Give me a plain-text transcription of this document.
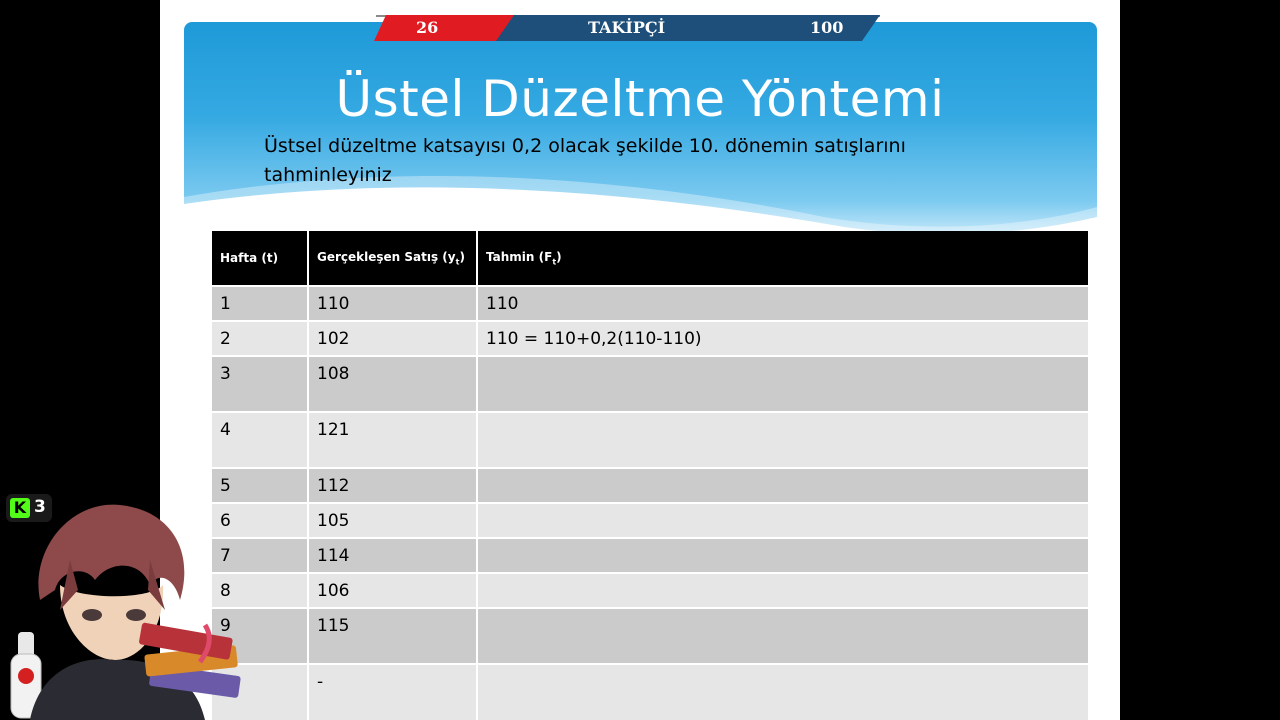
26	TAKİPÇİ	100
Üstel Düzeltme Yöntemi
Üstsel düzeltme katsayısı 0,2 olacak şekilde 10. dönemin satışlarını tahminleyiniz
Hafta (t)	Gerçekleşen Satış $(y_t)$	Tahmin $(F_t)$
1	110	110
2	102	110 = 110+0,2(110-110)
3	108	
4	121	
5	112	
6	105	
7	114	
8	106	
9	115	
	-	
K 3
